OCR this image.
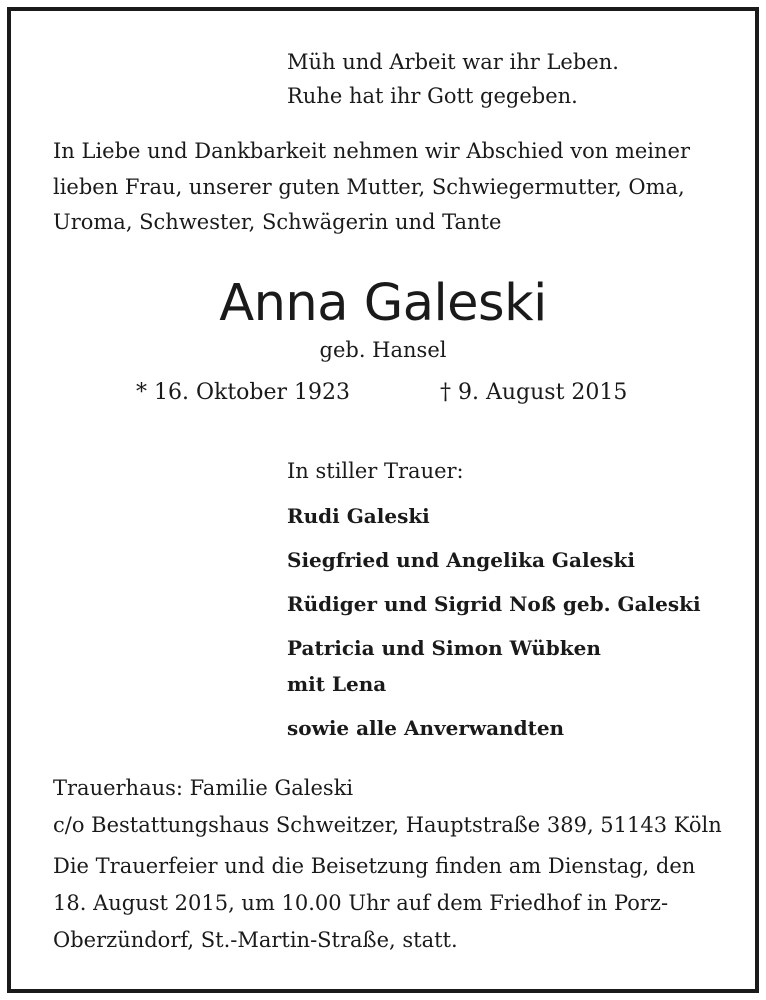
Müh und Arbeit war ihr Leben.
Ruhe hat ihr Gott gegeben.
In Liebe und Dankbarkeit nehmen wir Abschied von meiner
lieben Frau, unserer guten Mutter, Schwiegermutter, Oma,
Uroma, Schwester, Schwägerin und Tante
Anna Galeski
geb. Hansel
* 16. Oktober 1923	† 9. August 2015
In stiller Trauer:
Rudi Galeski
Siegfried und Angelika Galeski
Rüdiger und Sigrid Noß geb. Galeski
Patricia und Simon Wübken
mit Lena
sowie alle Anverwandten
Trauerhaus: Familie Galeski
c/o Bestattungshaus Schweitzer, Hauptstraße 389, 51143 Köln
Die Trauerfeier und die Beisetzung finden am Dienstag, den
18. August 2015, um 10.00 Uhr auf dem Friedhof in Porz-
Oberzündorf, St.-Martin-Straße, statt.
